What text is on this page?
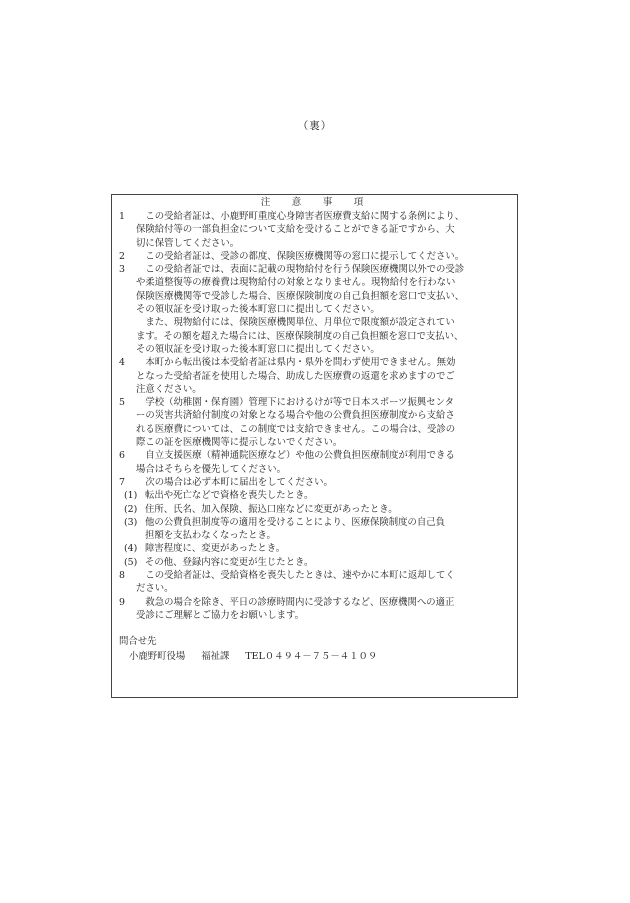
（裏）
注　意　事　項
1	　この受給者証は、小鹿野町重度心身障害者医療費支給に関する条例により、
保険給付等の一部負担金について支給を受けることができる証ですから、大
切に保管してください。
2	　この受給者証は、受診の都度、保険医療機関等の窓口に提示してください。
3	　この受給者証では、表面に記載の現物給付を行う保険医療機関以外での受診
や柔道整復等の療養費は現物給付の対象となりません。現物給付を行わない
保険医療機関等で受診した場合、医療保険制度の自己負担額を窓口で支払い、
その領収証を受け取った後本町窓口に提出してください。
　また、現物給付には、保険医療機関単位、月単位で限度額が設定されてい
ます。その額を超えた場合には、医療保険制度の自己負担額を窓口で支払い、
その領収証を受け取った後本町窓口に提出してください。
4	　本町から転出後は本受給者証は県内・県外を問わず使用できません。無効
となった受給者証を使用した場合、助成した医療費の返還を求めますのでご
注意ください。
5	　学校（幼稚園・保育園）管理下におけるけが等で日本スポーツ振興センタ
ーの災害共済給付制度の対象となる場合や他の公費負担医療制度から支給さ
れる医療費については、この制度では支給できません。この場合は、受診の
際この証を医療機関等に提示しないでください。
6	　自立支援医療（精神通院医療など）や他の公費負担医療制度が利用できる
場合はそちらを優先してください。
7	　次の場合は必ず本町に届出をしてください。
(1) 転出や死亡などで資格を喪失したとき。
(2) 住所、氏名、加入保険、振込口座などに変更があったとき。
(3) 他の公費負担制度等の適用を受けることにより、医療保険制度の自己負
担額を支払わなくなったとき。
(4) 障害程度に、変更があったとき。
(5) その他、登録内容に変更が生じたとき。
8	　この受給者証は、受給資格を喪失したときは、速やかに本町に返却してく
ださい。
9	　救急の場合を除き、平日の診療時間内に受診するなど、医療機関への適正
受診にご理解とご協力をお願いします。
問合せ先
小鹿野町役場 福祉課 TEL０４９４－７５－４１０９
